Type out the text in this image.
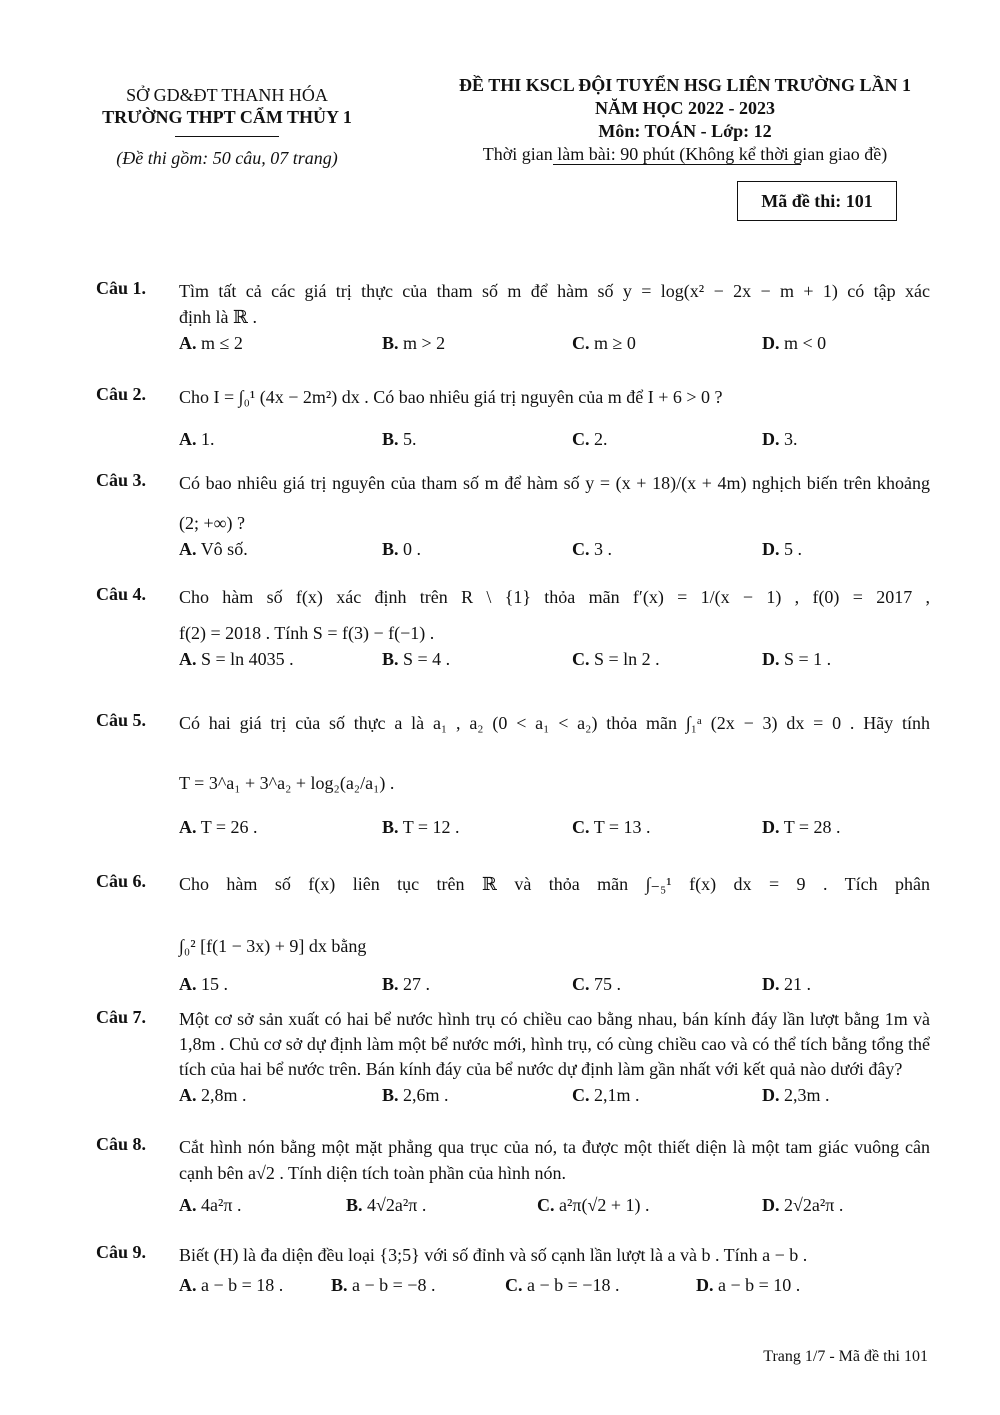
SỞ GD&ĐT THANH HÓA
TRƯỜNG THPT CẨM THỦY 1
(Đề thi gồm: 50 câu, 07 trang)
ĐỀ THI KSCL ĐỘI TUYỂN HSG LIÊN TRƯỜNG LẦN 1
NĂM HỌC 2022 - 2023
Môn: TOÁN - Lớp: 12
Thời gian làm bài: 90 phút (Không kể thời gian giao đề)
Mã đề thi: 101
Câu 1. Tìm tất cả các giá trị thực của tham số m để hàm số y = log(x² − 2x − m + 1) có tập xác

định là ℝ .

A. m ≤ 2	B. m > 2	C. m ≥ 0	D. m < 0
Câu 2. Cho I = ∫₀¹ (4x − 2m²) dx . Có bao nhiêu giá trị nguyên của m để I + 6 > 0 ?

A. 1.	B. 5.	C. 2.	D. 3.
Câu 3. Có bao nhiêu giá trị nguyên của tham số m để hàm số y = (x + 18)/(x + 4m) nghịch biến trên khoảng

(2; +∞) ?

A. Vô số.	B. 0 .	C. 3 .	D. 5 .
Câu 4. Cho hàm số f(x) xác định trên R \ {1} thỏa mãn f′(x) = 1/(x − 1) , f(0) = 2017 ,

f(2) = 2018 . Tính S = f(3) − f(−1) .

A. S = ln 4035 .	B. S = 4 .	C. S = ln 2 .	D. S = 1 .
Câu 5. Có hai giá trị của số thực a là a₁ , a₂ (0 < a₁ < a₂) thỏa mãn ∫₁ᵃ (2x − 3) dx = 0 . Hãy tính

T = 3^a₁ + 3^a₂ + log₂(a₂/a₁) .

A. T = 26 .	B. T = 12 .	C. T = 13 .	D. T = 28 .
Câu 6. Cho hàm số f(x) liên tục trên ℝ và thỏa mãn ∫₋₅¹ f(x) dx = 9 . Tích phân

∫₀² [f(1 − 3x) + 9] dx bằng

A. 15 .	B. 27 .	C. 75 .	D. 21 .
Câu 7. Một cơ sở sản xuất có hai bể nước hình trụ có chiều cao bằng nhau, bán kính đáy lần lượt bằng 1m và 1,8m . Chủ cơ sở dự định làm một bể nước mới, hình trụ, có cùng chiều cao và có thể tích bằng tổng thể tích của hai bể nước trên. Bán kính đáy của bể nước dự định làm gần nhất với kết quả nào dưới đây?

A. 2,8m .	B. 2,6m .	C. 2,1m .	D. 2,3m .
Câu 8. Cắt hình nón bằng một mặt phẳng qua trục của nó, ta được một thiết diện là một tam giác vuông cân cạnh bên a√2 . Tính diện tích toàn phần của hình nón.

A. 4a²π .	B. 4√2a²π .	C. a²π(√2 + 1) .	D. 2√2a²π .
Câu 9. Biết (H) là đa diện đều loại {3;5} với số đỉnh và số cạnh lần lượt là a và b . Tính a − b .

A. a − b = 18 .	B. a − b = −8 .	C. a − b = −18 .	D. a − b = 10 .
Trang 1/7 - Mã đề thi 101
